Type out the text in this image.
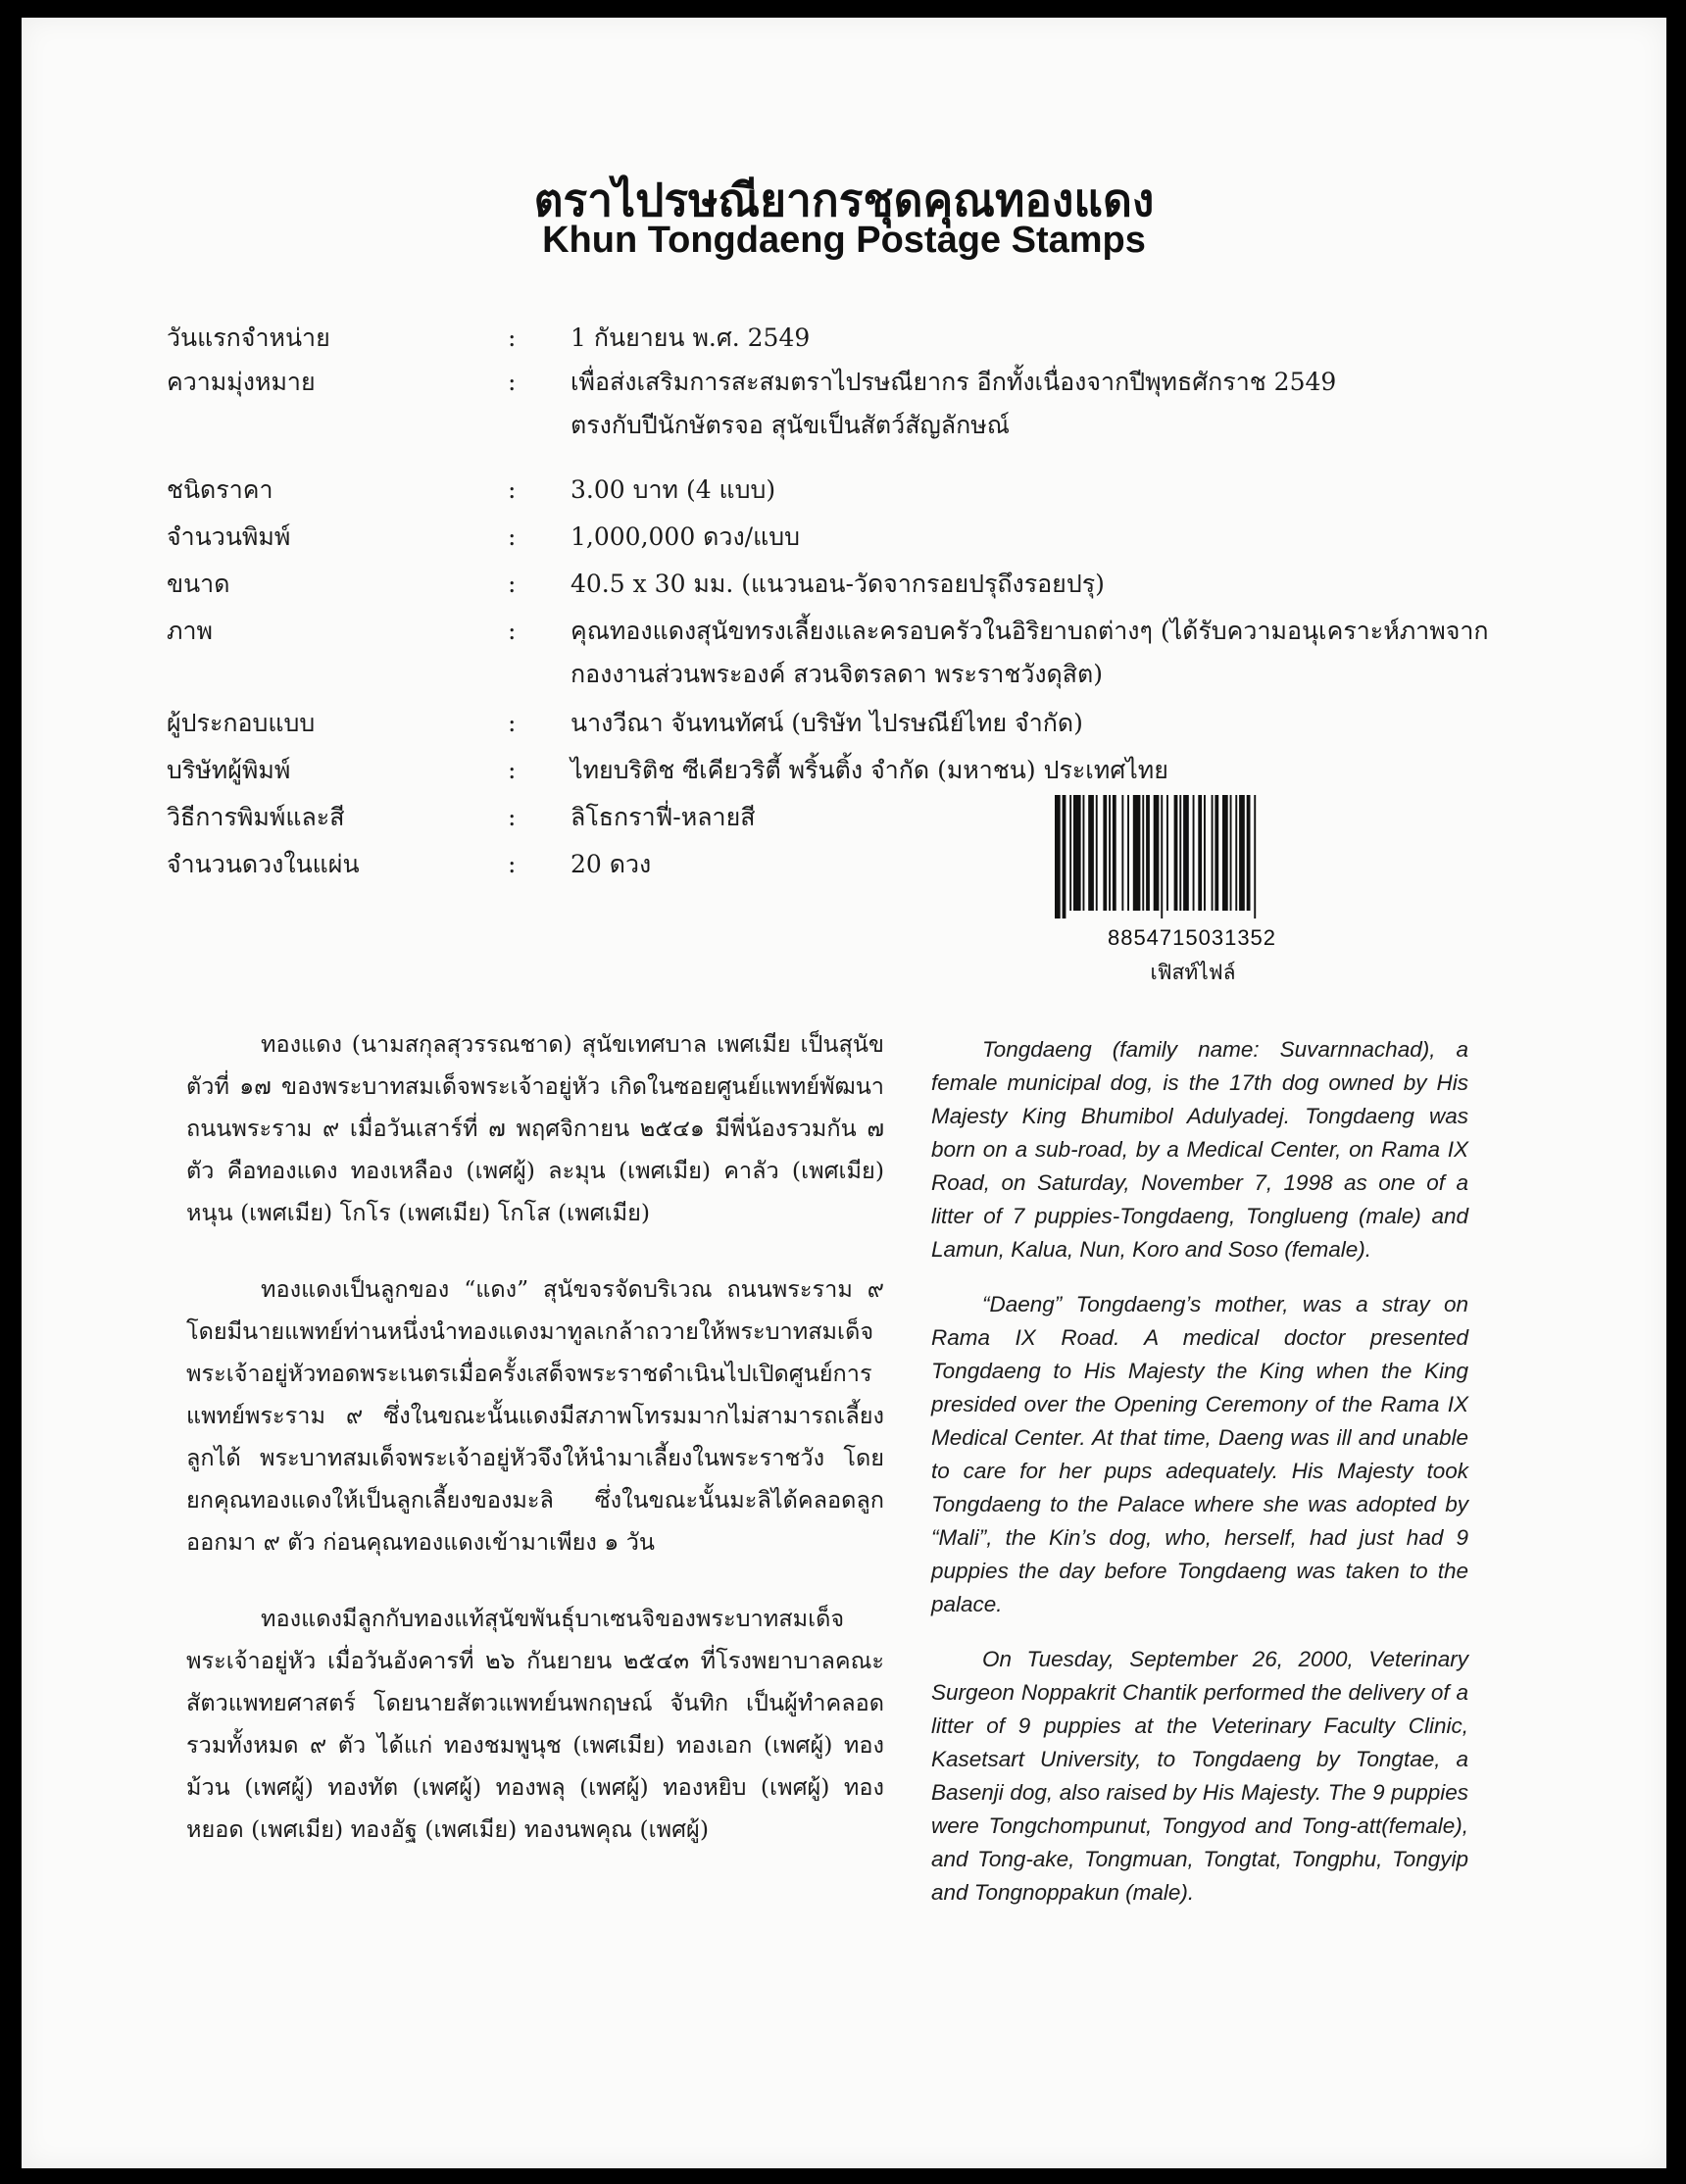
ตราไปรษณียากรชุดคุณทองแดง
Khun Tongdaeng Postage Stamps
วันแรกจำหน่าย	: 1 กันยายน พ.ศ. 2549
ความมุ่งหมาย	: เพื่อส่งเสริมการสะสมตราไปรษณียากร อีกทั้งเนื่องจากปีพุทธศักราช 2549
ตรงกับปีนักษัตรจอ สุนัขเป็นสัตว์สัญลักษณ์
ชนิดราคา	: 3.00 บาท (4 แบบ)
จำนวนพิมพ์	: 1,000,000 ดวง/แบบ
ขนาด	: 40.5 x 30 มม. (แนวนอน-วัดจากรอยปรุถึงรอยปรุ)
ภาพ	: คุณทองแดงสุนัขทรงเลี้ยงและครอบครัวในอิริยาบถต่างๆ (ได้รับความอนุเคราะห์ภาพจาก
กองงานส่วนพระองค์ สวนจิตรลดา พระราชวังดุสิต)
ผู้ประกอบแบบ	: นางวีณา จันทนทัศน์ (บริษัท ไปรษณีย์ไทย จำกัด)
บริษัทผู้พิมพ์	: ไทยบริติช ซีเคียวริตี้ พริ้นติ้ง จำกัด (มหาชน) ประเทศไทย
วิธีการพิมพ์และสี	: ลิโธกราฟี่-หลายสี
จำนวนดวงในแผ่น	: 20 ดวง
8854715031352
เฟิสท์ไฟล์

ทองแดง (นามสกุลสุวรรณชาด) สุนัขเทศบาล เพศเมีย เป็นสุนัขตัวที่ ๑๗ ของพระบาทสมเด็จพระเจ้าอยู่หัว เกิดในซอยศูนย์แพทย์พัฒนา ถนนพระราม ๙ เมื่อวันเสาร์ที่ ๗ พฤศจิกายน ๒๕๔๑ มีพี่น้องรวมกัน ๗ ตัว คือทองแดง ทองเหลือง (เพศผู้) ละมุน (เพศเมีย) คาลัว (เพศเมีย) หนุน (เพศเมีย) โกโร (เพศเมีย) โกโส (เพศเมีย)

ทองแดงเป็นลูกของ “แดง” สุนัขจรจัดบริเวณ ถนนพระราม ๙ โดยมีนายแพทย์ท่านหนึ่งนำทองแดงมาทูลเกล้าถวายให้พระบาทสมเด็จพระเจ้าอยู่หัวทอดพระเนตรเมื่อครั้งเสด็จพระราชดำเนินไปเปิดศูนย์การแพทย์พระราม ๙ ซึ่งในขณะนั้นแดงมีสภาพโทรมมากไม่สามารถเลี้ยงลูกได้ พระบาทสมเด็จพระเจ้าอยู่หัวจึงให้นำมาเลี้ยงในพระราชวัง โดยยกคุณทองแดงให้เป็นลูกเลี้ยงของมะลิ ซึ่งในขณะนั้นมะลิได้คลอดลูกออกมา ๙ ตัว ก่อนคุณทองแดงเข้ามาเพียง ๑ วัน

ทองแดงมีลูกกับทองแท้สุนัขพันธุ์บาเซนจิของพระบาทสมเด็จพระเจ้าอยู่หัว เมื่อวันอังคารที่ ๒๖ กันยายน ๒๕๔๓ ที่โรงพยาบาลคณะสัตวแพทยศาสตร์ โดยนายสัตวแพทย์นพกฤษณ์ จันทิก เป็นผู้ทำคลอดรวมทั้งหมด ๙ ตัว ได้แก่ ทองชมพูนุช (เพศเมีย) ทองเอก (เพศผู้) ทองม้วน (เพศผู้) ทองทัต (เพศผู้) ทองพลุ (เพศผู้) ทองหยิบ (เพศผู้) ทองหยอด (เพศเมีย) ทองอัฐ (เพศเมีย) ทองนพคุณ (เพศผู้)

Tongdaeng (family name: Suvarnnachad), a female municipal dog, is the 17th dog owned by His Majesty King Bhumibol Adulyadej. Tongdaeng was born on a sub-road, by a Medical Center, on Rama IX Road, on Saturday, November 7, 1998 as one of a litter of 7 puppies-Tongdaeng, Tonglueng (male) and Lamun, Kalua, Nun, Koro and Soso (female).

“Daeng” Tongdaeng’s mother, was a stray on Rama IX Road. A medical doctor presented Tongdaeng to His Majesty the King when the King presided over the Opening Ceremony of the Rama IX Medical Center. At that time, Daeng was ill and unable to care for her pups adequately. His Majesty took Tongdaeng to the Palace where she was adopted by “Mali”, the Kin’s dog, who, herself, had just had 9 puppies the day before Tongdaeng was taken to the palace.

On Tuesday, September 26, 2000, Veterinary Surgeon Noppakrit Chantik performed the delivery of a litter of 9 puppies at the Veterinary Faculty Clinic, Kasetsart University, to Tongdaeng by Tongtae, a Basenji dog, also raised by His Majesty. The 9 puppies were Tongchompunut, Tongyod and Tong-att(female), and Tong-ake, Tongmuan, Tongtat, Tongphu, Tongyip and Tongnoppakun (male).
